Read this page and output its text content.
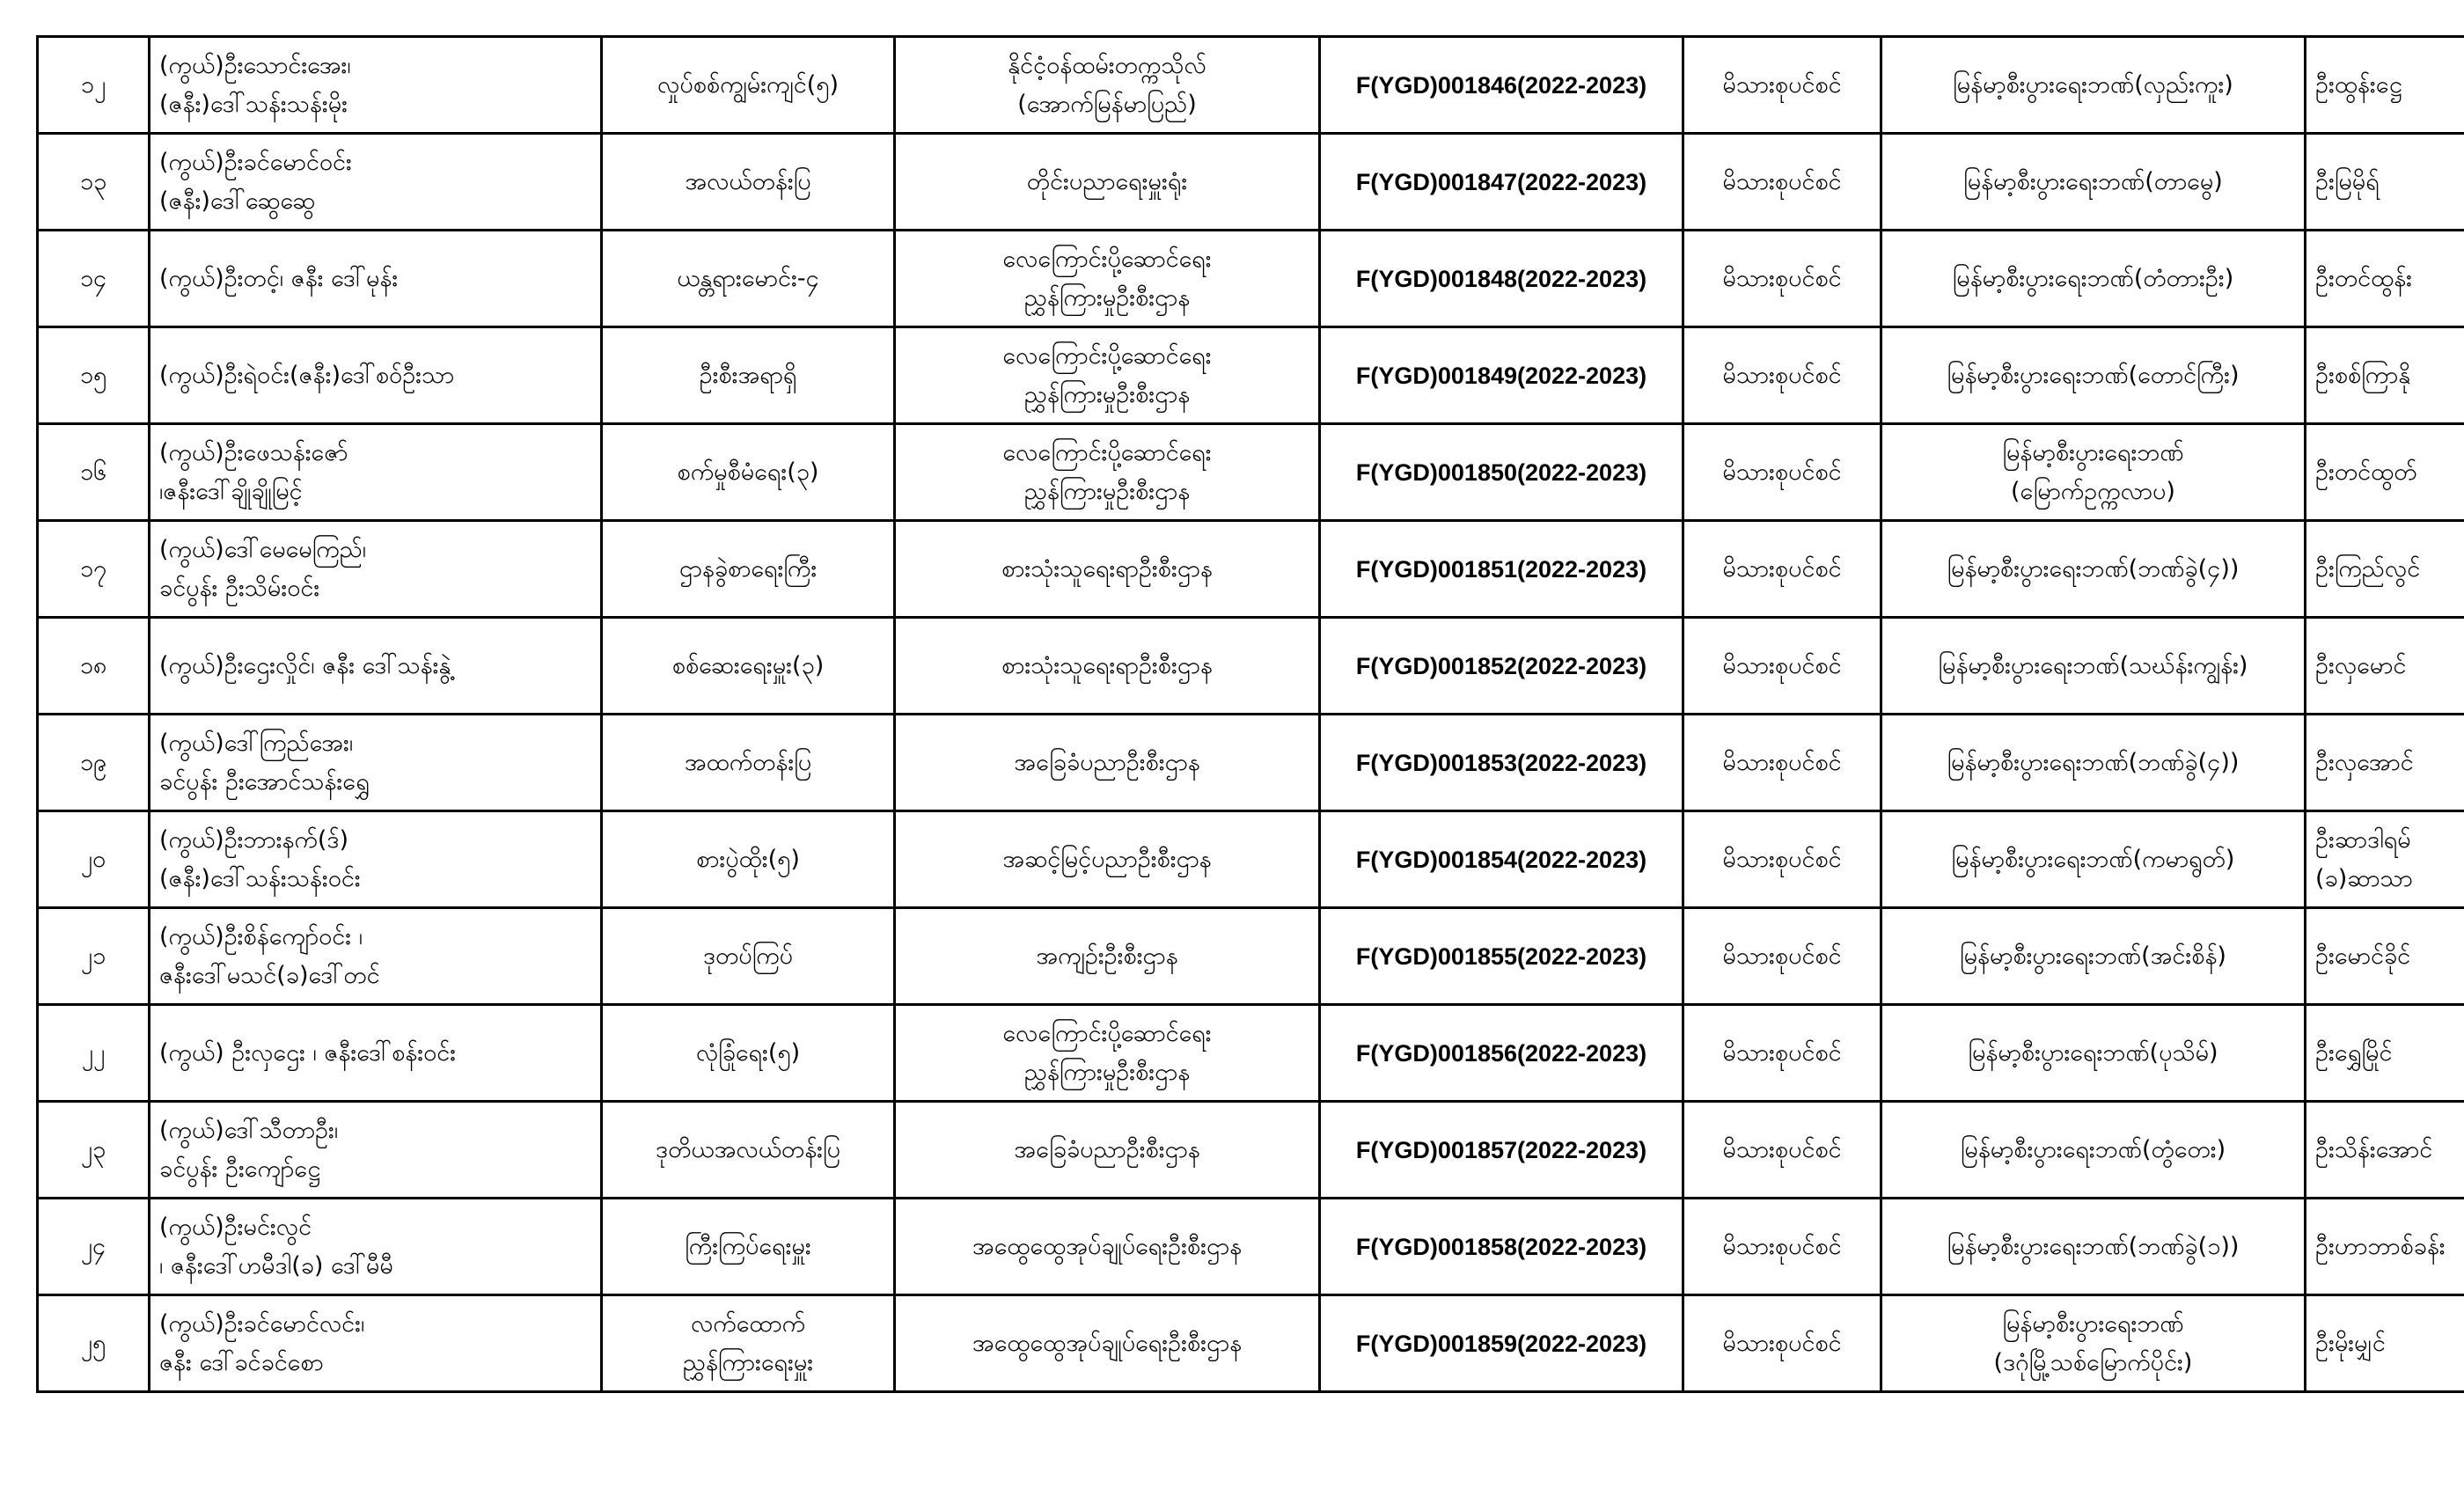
၁၂	(ကွယ်)ဦးသောင်းအေး၊
(ဇနီး)ဒေါ်သန်းသန်းမိုး	လှုပ်စစ်ကျွမ်းကျင်(၅)	နိုင်ငံ့ဝန်ထမ်းတက္ကသိုလ်
(အောက်မြန်မာပြည်)	F(YGD)001846(2022-2023)	မိသားစုပင်စင်	မြန်မာ့စီးပွားရေးဘဏ်(လှည်းကူး)	ဦးထွန်းဋ္ဌေ

၁၃	(ကွယ်)ဦးခင်မောင်ဝင်း
(ဇနီး)ဒေါ်ဆွေဆွေ	အလယ်တန်းပြ	တိုင်းပညာရေးမှူးရုံး	F(YGD)001847(2022-2023)	မိသားစုပင်စင်	မြန်မာ့စီးပွားရေးဘဏ်(တာမွေ)	ဦးမြမိုရ်

၁၄	(ကွယ်)ဦးတင့်၊ ဇနီး ဒေါ်မုန်း	ယန္တရားမောင်း-၄	လေကြောင်းပို့ဆောင်ရေး
ညွှန်ကြားမှုဦးစီးဌာန	F(YGD)001848(2022-2023)	မိသားစုပင်စင်	မြန်မာ့စီးပွားရေးဘဏ်(တံတားဦး)	ဦးတင်ထွန်း

၁၅	(ကွယ်)ဦးရဲဝင်း(ဇနီး)ဒေါ်စဝ်ဦးသာ	ဦးစီးအရာရှိ	လေကြောင်းပို့ဆောင်ရေး
ညွှန်ကြားမှုဦးစီးဌာန	F(YGD)001849(2022-2023)	မိသားစုပင်စင်	မြန်မာ့စီးပွားရေးဘဏ်(တောင်ကြီး)	ဦးစစ်ကြာနို

၁၆	(ကွယ်)ဦးဖေသန်းဇော်
၊ဇနီးဒေါ်ချိုချိုမြင့်	စက်မှုစီမံရေး(၃)	လေကြောင်းပို့ဆောင်ရေး
ညွှန်ကြားမှုဦးစီးဌာန	F(YGD)001850(2022-2023)	မိသားစုပင်စင်	မြန်မာ့စီးပွားရေးဘဏ်
(မြောက်ဥက္ကလာပ)	ဦးတင်ထွတ်

၁၇	(ကွယ်)ဒေါ်မေမေကြည်၊
ခင်ပွန်း ဦးသိမ်းဝင်း	ဌာနခွဲစာရေးကြီး	စားသုံးသူရေးရာဦးစီးဌာန	F(YGD)001851(2022-2023)	မိသားစုပင်စင်	မြန်မာ့စီးပွားရေးဘဏ်(ဘဏ်ခွဲ(၄))	ဦးကြည်လွင်

၁၈	(ကွယ်)ဦးဌေးလှိုင်၊ ဇနီး ဒေါ်သန်းနွဲ့	စစ်ဆေးရေးမှူး(၃)	စားသုံးသူရေးရာဦးစီးဌာန	F(YGD)001852(2022-2023)	မိသားစုပင်စင်	မြန်မာ့စီးပွားရေးဘဏ်(သဃ်န်းကျွန်း)	ဦးလှမောင်

၁၉	(ကွယ်)ဒေါ်ကြည်အေး၊
ခင်ပွန်း ဦးအောင်သန်းရွှေ	အထက်တန်းပြ	အခြေခံပညာဦးစီးဌာန	F(YGD)001853(2022-2023)	မိသားစုပင်စင်	မြန်မာ့စီးပွားရေးဘဏ်(ဘဏ်ခွဲ(၄))	ဦးလှအောင်

၂၀	(ကွယ်)ဦးဘားနက်(ဒ်)
(ဇနီး)ဒေါ်သန်းသန်းဝင်း	စားပွဲထိုး(၅)	အဆင့်မြင့်ပညာဦးစီးဌာန	F(YGD)001854(2022-2023)	မိသားစုပင်စင်	မြန်မာ့စီးပွားရေးဘဏ်(ကမာရွတ်)	ဦးဆာဒါရမ်
(ခ)ဆာသာ

၂၁	(ကွယ်)ဦးစိန်ကျော်ဝင်း ၊
ဇနီးဒေါ်မသင်(ခ)ဒေါ်တင်	ဒုတပ်ကြပ်	အကျဉ်းဦးစီးဌာန	F(YGD)001855(2022-2023)	မိသားစုပင်စင်	မြန်မာ့စီးပွားရေးဘဏ်(အင်းစိန်)	ဦးမောင်ခိုင်

၂၂	(ကွယ်) ဦးလှဌေး ၊ ဇနီးဒေါ်စန်းဝင်း	လုံခြုံရေး(၅)	လေကြောင်းပို့ဆောင်ရေး
ညွှန်ကြားမှုဦးစီးဌာန	F(YGD)001856(2022-2023)	မိသားစုပင်စင်	မြန်မာ့စီးပွားရေးဘဏ်(ပုသိမ်)	ဦးရွှေမြိုင်

၂၃	(ကွယ်)ဒေါ်သီတာဦး၊
ခင်ပွန်း ဦးကျော်ဋ္ဌေ	ဒုတိယအလယ်တန်းပြ	အခြေခံပညာဦးစီးဌာန	F(YGD)001857(2022-2023)	မိသားစုပင်စင်	မြန်မာ့စီးပွားရေးဘဏ်(တွံတေး)	ဦးသိန်းအောင်

၂၄	(ကွယ်)ဦးမင်းလွင်
၊ ဇနီးဒေါ်ဟမီဒါ(ခ) ဒေါ်မီမီ	ကြီးကြပ်ရေးမှူး	အထွေထွေအုပ်ချုပ်ရေးဦးစီးဌာန	F(YGD)001858(2022-2023)	မိသားစုပင်စင်	မြန်မာ့စီးပွားရေးဘဏ်(ဘဏ်ခွဲ(၁))	ဦးဟာဘာစ်ခန်း

၂၅	(ကွယ်)ဦးခင်မောင်လင်း၊
ဇနီး ဒေါ်ခင်ခင်စော	လက်ထောက်
ညွှန်ကြားရေးမှူး	အထွေထွေအုပ်ချုပ်ရေးဦးစီးဌာန	F(YGD)001859(2022-2023)	မိသားစုပင်စင်	မြန်မာ့စီးပွားရေးဘဏ်
(ဒဂုံမြို့သစ်မြောက်ပိုင်း)	ဦးမိုးမျှင်
